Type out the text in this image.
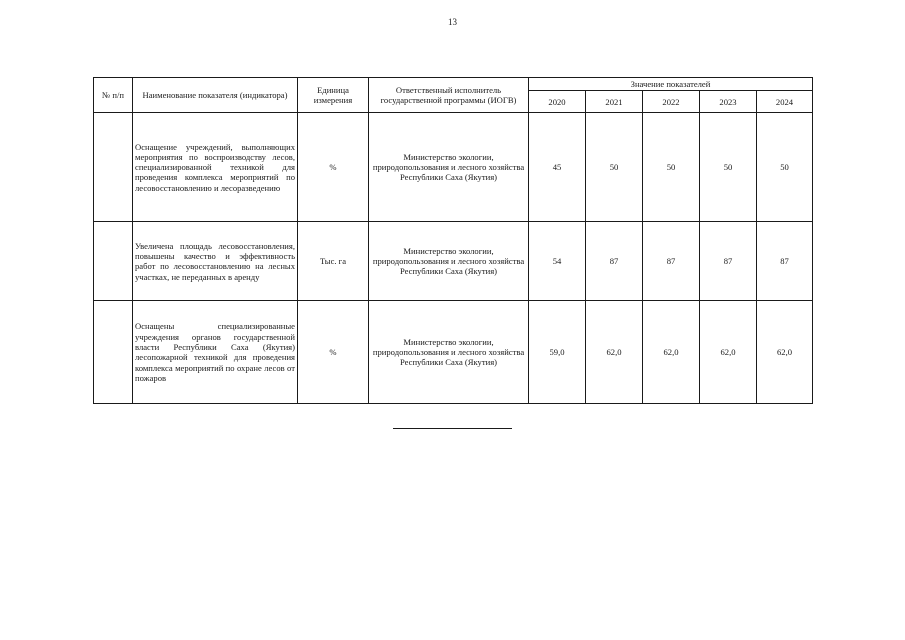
13
№ п/п	Наименование показателя (индикатора)	Единица измерения	Ответственный исполнитель государственной программы (ИОГВ)	Значение показателей				
				2020	2021	2022	2023	2024
	Оснащение учреждений, выполняющих мероприятия по воспроизводству лесов, специализированной техникой для проведения комплекса мероприятий по лесовосстановлению и лесоразведению	%	Министерство экологии, природопользования и лесного хозяйства Республики Саха (Якутия)	45	50	50	50	50
	Увеличена площадь лесовосстановления, повышены качество и эффективность работ по лесовосстановлению на лесных участках, не переданных в аренду	Тыс. га	Министерство экологии, природопользования и лесного хозяйства Республики Саха (Якутия)	54	87	87	87	87
	Оснащены специализированные учреждения органов государственной власти Республики Саха (Якутия) лесопожарной техникой для проведения комплекса мероприятий по охране лесов от пожаров	%	Министерство экологии, природопользования и лесного хозяйства Республики Саха (Якутия)	59,0	62,0	62,0	62,0	62,0
